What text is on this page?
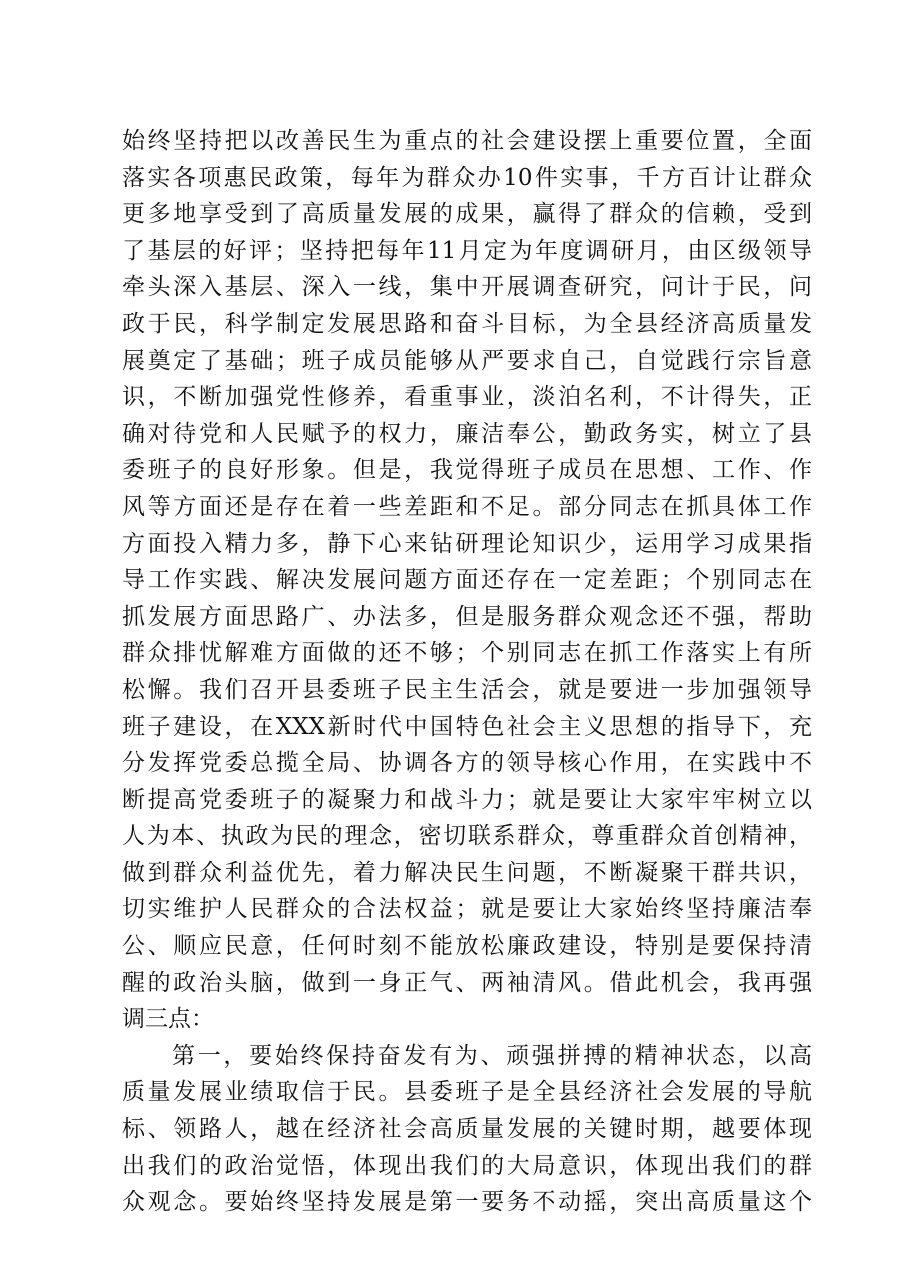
始终坚持把以改善民生为重点的社会建设摆上重要位置，全面
落实各项惠民政策，每年为群众办10件实事，千方百计让群众
更多地享受到了高质量发展的成果，赢得了群众的信赖，受到
了基层的好评；坚持把每年11月定为年度调研月，由区级领导
牵头深入基层、深入一线，集中开展调查研究，问计于民，问
政于民，科学制定发展思路和奋斗目标，为全县经济高质量发
展奠定了基础；班子成员能够从严要求自己，自觉践行宗旨意
识，不断加强党性修养，看重事业，淡泊名利，不计得失，正
确对待党和人民赋予的权力，廉洁奉公，勤政务实，树立了县
委班子的良好形象。但是，我觉得班子成员在思想、工作、作
风等方面还是存在着一些差距和不足。部分同志在抓具体工作
方面投入精力多，静下心来钻研理论知识少，运用学习成果指
导工作实践、解决发展问题方面还存在一定差距；个别同志在
抓发展方面思路广、办法多，但是服务群众观念还不强，帮助
群众排忧解难方面做的还不够；个别同志在抓工作落实上有所
松懈。我们召开县委班子民主生活会，就是要进一步加强领导
班子建设，在XXX新时代中国特色社会主义思想的指导下，充
分发挥党委总揽全局、协调各方的领导核心作用，在实践中不
断提高党委班子的凝聚力和战斗力；就是要让大家牢牢树立以
人为本、执政为民的理念，密切联系群众，尊重群众首创精神，
做到群众利益优先，着力解决民生问题，不断凝聚干群共识，
切实维护人民群众的合法权益；就是要让大家始终坚持廉洁奉
公、顺应民意，任何时刻不能放松廉政建设，特别是要保持清
醒的政治头脑，做到一身正气、两袖清风。借此机会，我再强
调三点：
第一，要始终保持奋发有为、顽强拼搏的精神状态，以高
质量发展业绩取信于民。县委班子是全县经济社会发展的导航
标、领路人，越在经济社会高质量发展的关键时期，越要体现
出我们的政治觉悟，体现出我们的大局意识，体现出我们的群
众观念。要始终坚持发展是第一要务不动摇，突出高质量这个
